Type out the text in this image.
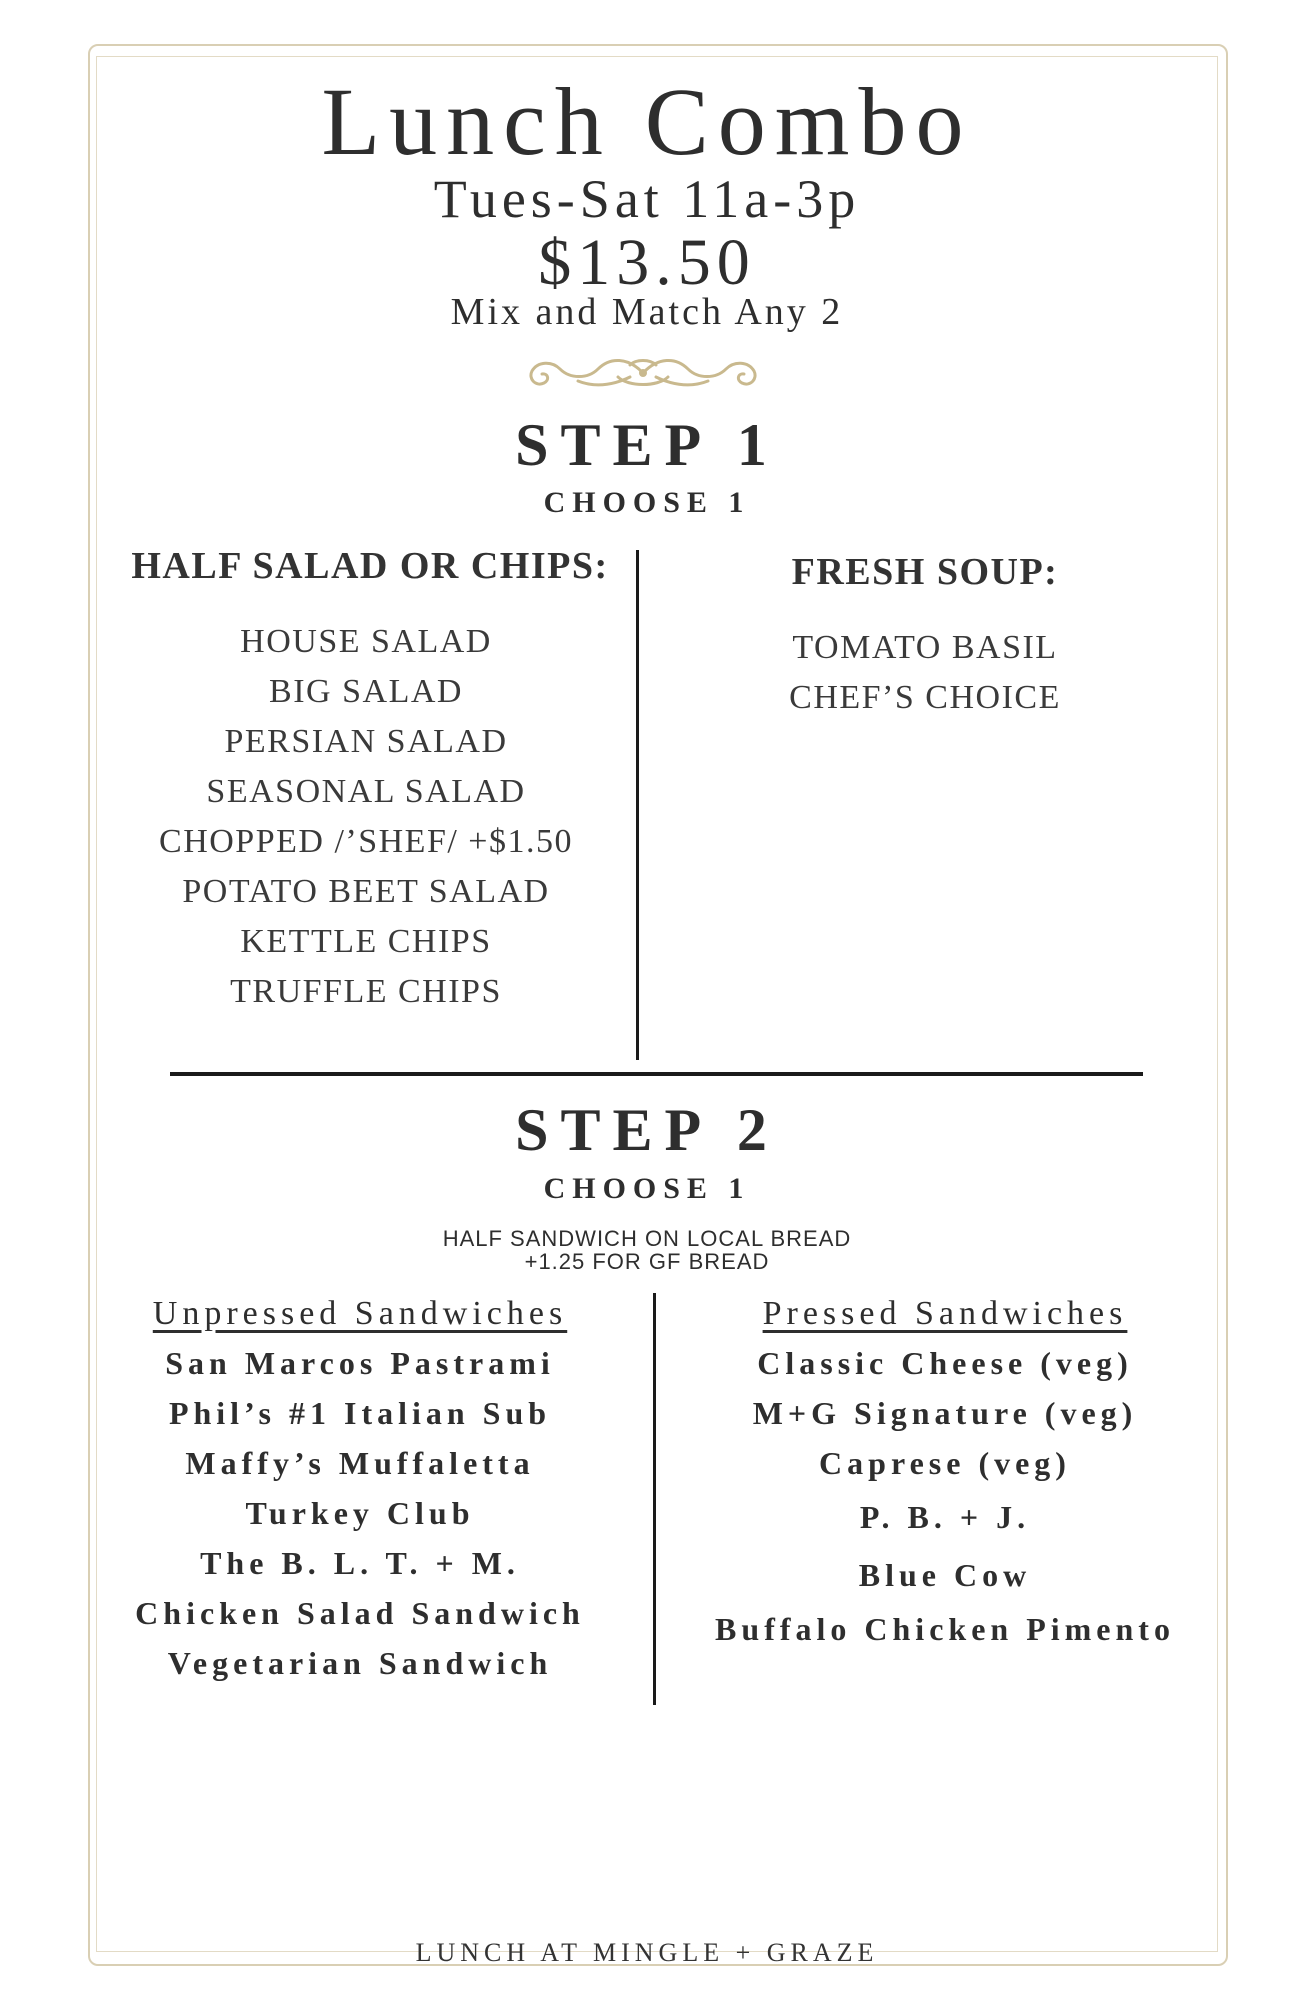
Lunch Combo
Tues-Sat 11a-3p
$13.50
Mix and Match Any 2
STEP 1
CHOOSE 1
HALF SALAD OR CHIPS:
HOUSE SALAD
BIG SALAD
PERSIAN SALAD
SEASONAL SALAD
CHOPPED /’SHEF/ +$1.50
POTATO BEET SALAD
KETTLE CHIPS
TRUFFLE CHIPS
FRESH SOUP:
TOMATO BASIL
CHEF’S CHOICE
STEP 2
CHOOSE 1
HALF SANDWICH ON LOCAL BREAD
+1.25 FOR GF BREAD
Unpressed Sandwiches
San Marcos Pastrami
Phil’s #1 Italian Sub
Maffy’s Muffaletta
Turkey Club
The B. L. T. + M.
Chicken Salad Sandwich
Vegetarian Sandwich
Pressed Sandwiches
Classic Cheese (veg)
M+G Signature (veg)
Caprese (veg)
P. B. + J.
Blue Cow
Buffalo Chicken Pimento
LUNCH AT MINGLE + GRAZE
